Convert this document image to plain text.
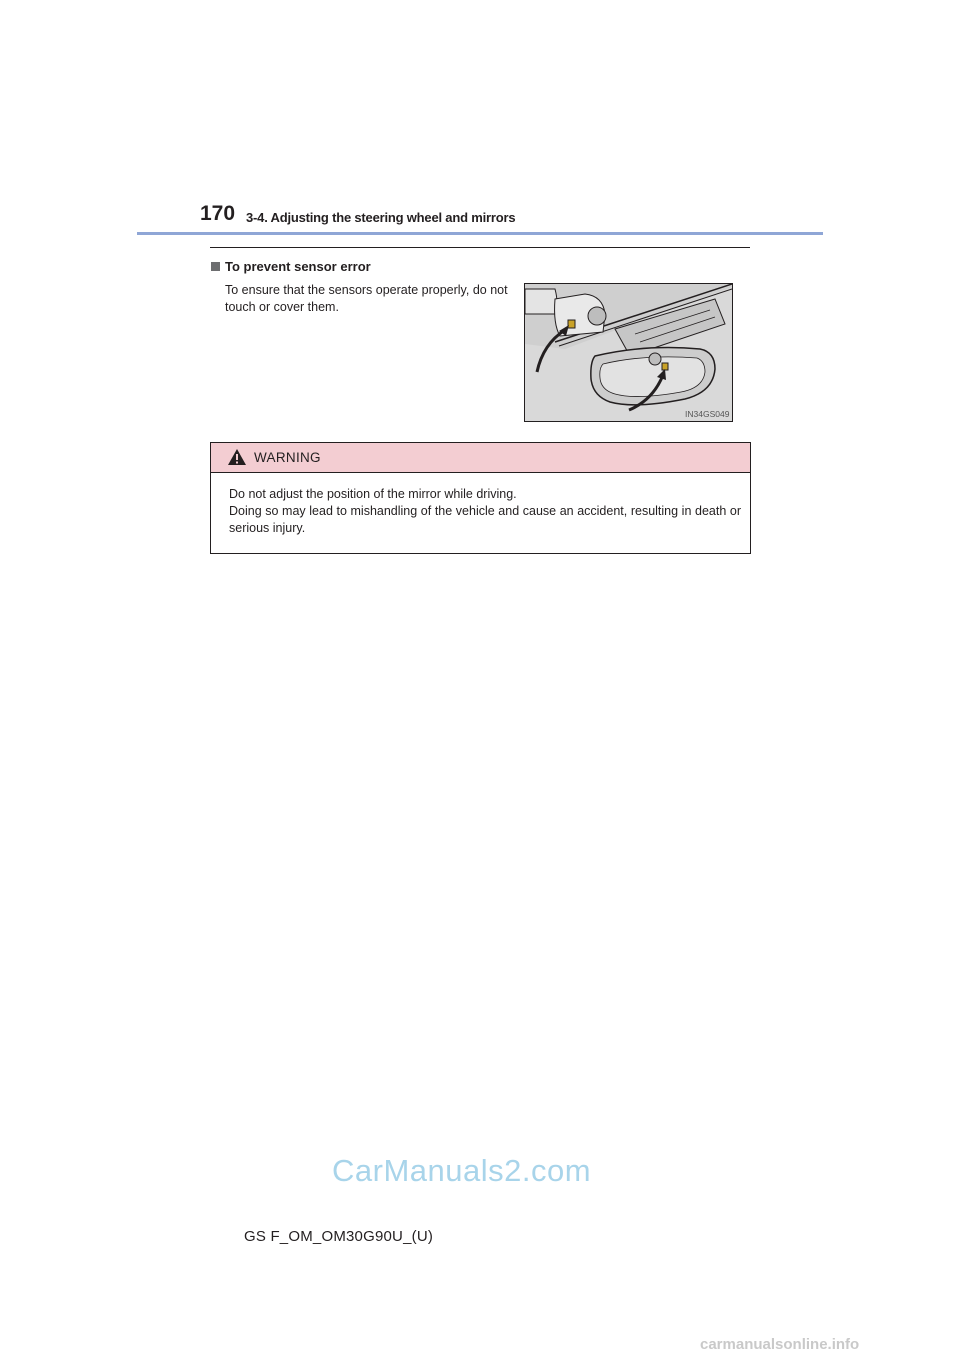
170 3-4. Adjusting the steering wheel and mirrors
To prevent sensor error
To ensure that the sensors operate properly, do not touch or cover them.
IN34GS049
WARNING

Do not adjust the position of the mirror while driving.

Doing so may lead to mishandling of the vehicle and cause an accident, resulting in death or serious injury.

CarManuals2.com
GS F_OM_OM30G90U_(U)
carmanualsonline.info
